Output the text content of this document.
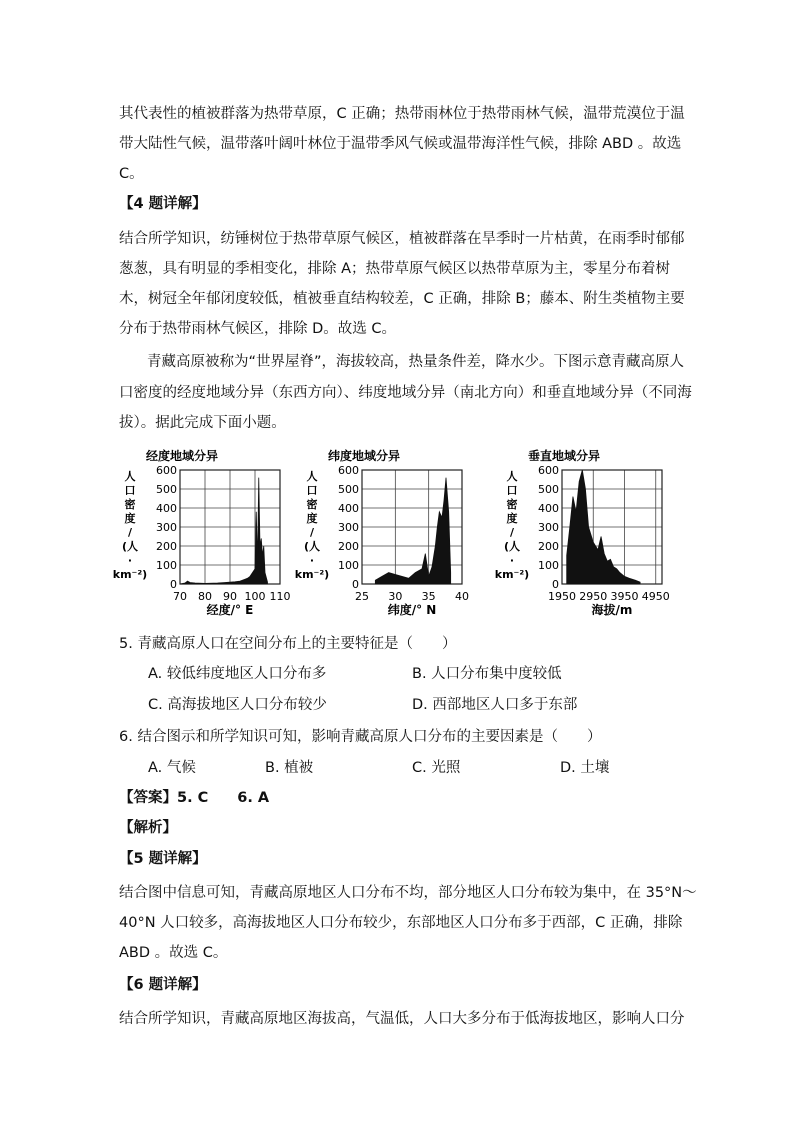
其代表性的植被群落为热带草原，C 正确；热带雨林位于热带雨林气候，温带荒漠位于温
带大陆性气候，温带落叶阔叶林位于温带季风气候或温带海洋性气候，排除 ABD 。故选
C。
【4 题详解】
结合所学知识，纺锤树位于热带草原气候区，植被群落在旱季时一片枯黄，在雨季时郁郁
葱葱，具有明显的季相变化，排除 A；热带草原气候区以热带草原为主，零星分布着树
木，树冠全年郁闭度较低，植被垂直结构较差，C 正确，排除 B；藤本、附生类植物主要
分布于热带雨林气候区，排除 D。故选 C。
青藏高原被称为“世界屋脊”，海拔较高，热量条件差，降水少。下图示意青藏高原人
口密度的经度地域分异（东西方向）、纬度地域分异（南北方向）和垂直地域分异（不同海
拔）。据此完成下面小题。
经度地域分异
600
500
400
300
200
100
0
70 80 90 100 110
人
口
密
度
/
(人
·
km⁻²)
经度/° E
纬度地域分异
600
500
400
300
200
100
0
25 30 35 40
人
口
密
度
/
(人
·
km⁻²)
纬度/° N
垂直地域分异
600
500
400
300
200
100
0
1950 2950 3950 4950
人
口
密
度
/
(人
·
km⁻²)
海拔/m
5. 青藏高原人口在空间分布上的主要特征是（　　）
A. 较低纬度地区人口分布多	B. 人口分布集中度较低
C. 高海拔地区人口分布较少	D. 西部地区人口多于东部
6. 结合图示和所学知识可知，影响青藏高原人口分布的主要因素是（　　）
A. 气候	B. 植被	C. 光照	D. 土壤
【答案】5. C　　6. A
【解析】
【5 题详解】
结合图中信息可知，青藏高原地区人口分布不均，部分地区人口分布较为集中，在 35°N～
40°N 人口较多，高海拔地区人口分布较少，东部地区人口分布多于西部，C 正确，排除
ABD 。故选 C。
【6 题详解】
结合所学知识，青藏高原地区海拔高，气温低，人口大多分布于低海拔地区，影响人口分
